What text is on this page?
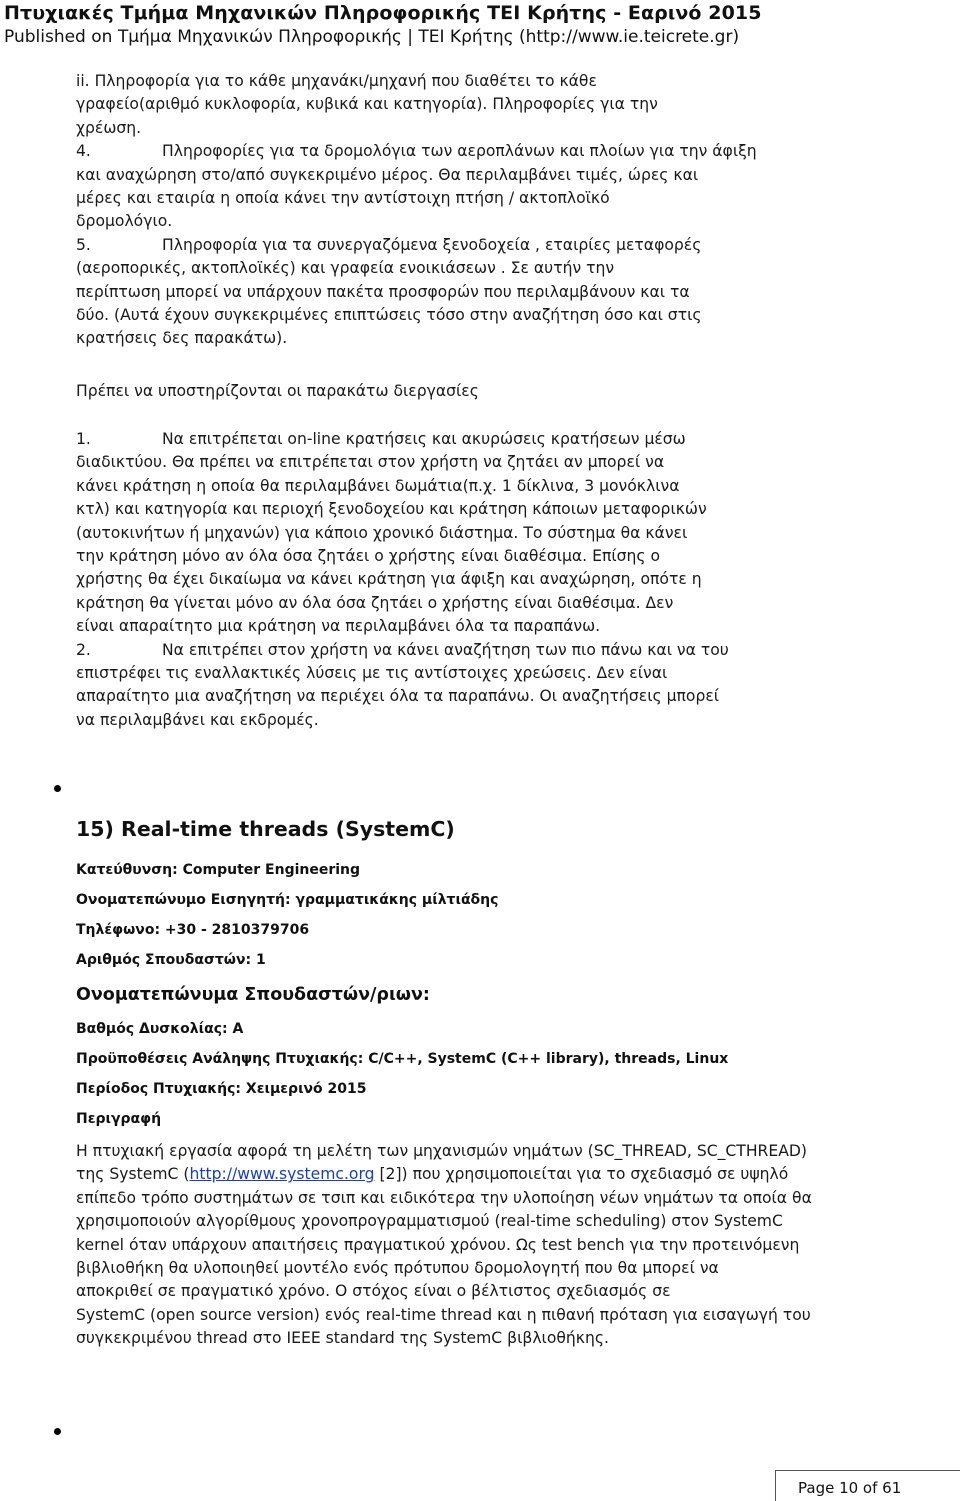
Πτυχιακές Τμήμα Μηχανικών Πληροφορικής ΤΕΙ Κρήτης - Εαρινό 2015
Published on Τμήμα Μηχανικών Πληροφορικής | ΤΕΙ Κρήτης (http://www.ie.teicrete.gr)

ii. Πληροφορία για το κάθε μηχανάκι/μηχανή που διαθέτει το κάθε
γραφείο(αριθμό κυκλοφορία, κυβικά και κατηγορία). Πληροφορίες για την
χρέωση.

4.	Πληροφορίες για τα δρομολόγια των αεροπλάνων και πλοίων για την άφιξη
και αναχώρηση στο/από συγκεκριμένο μέρος. Θα περιλαμβάνει τιμές, ώρες και
μέρες και εταιρία η οποία κάνει την αντίστοιχη πτήση / ακτοπλοϊκό
δρομολόγιο.

5.	Πληροφορία για τα συνεργαζόμενα ξενοδοχεία , εταιρίες μεταφορές
(αεροπορικές, ακτοπλοϊκές) και γραφεία ενοικιάσεων . Σε αυτήν την
περίπτωση μπορεί να υπάρχουν πακέτα προσφορών που περιλαμβάνουν και τα
δύο. (Αυτά έχουν συγκεκριμένες επιπτώσεις τόσο στην αναζήτηση όσο και στις
κρατήσεις δες παρακάτω).

Πρέπει να υποστηρίζονται οι παρακάτω διεργασίες

1.	Να επιτρέπεται on-line κρατήσεις και ακυρώσεις κρατήσεων μέσω
διαδικτύου. Θα πρέπει να επιτρέπεται στον χρήστη να ζητάει αν μπορεί να
κάνει κράτηση η οποία θα περιλαμβάνει δωμάτια(π.χ. 1 δίκλινα, 3 μονόκλινα
κτλ) και κατηγορία και περιοχή ξενοδοχείου και κράτηση κάποιων μεταφορικών
(αυτοκινήτων ή μηχανών) για κάποιο χρονικό διάστημα. Το σύστημα θα κάνει
την κράτηση μόνο αν όλα όσα ζητάει ο χρήστης είναι διαθέσιμα. Επίσης ο
χρήστης θα έχει δικαίωμα να κάνει κράτηση για άφιξη και αναχώρηση, οπότε η
κράτηση θα γίνεται μόνο αν όλα όσα ζητάει ο χρήστης είναι διαθέσιμα. Δεν
είναι απαραίτητο μια κράτηση να περιλαμβάνει όλα τα παραπάνω.

2.	Να επιτρέπει στον χρήστη να κάνει αναζήτηση των πιο πάνω και να του
επιστρέφει τις εναλλακτικές λύσεις με τις αντίστοιχες χρεώσεις. Δεν είναι
απαραίτητο μια αναζήτηση να περιέχει όλα τα παραπάνω. Οι αναζητήσεις μπορεί
να περιλαμβάνει και εκδρομές.

15) Real-time threads (SystemC)
Κατεύθυνση: Computer Engineering
Ονοματεπώνυμο Εισηγητή: γραμματικάκης μίλτιάδης
Τηλέφωνο: +30 - 2810379706
Αριθμός Σπουδαστών: 1
Ονοματεπώνυμα Σπουδαστών/ριων:
Βαθμός Δυσκολίας: Α
Προϋποθέσεις Ανάληψης Πτυχιακής: C/C++, SystemC (C++ library), threads, Linux
Περίοδος Πτυχιακής: Χειμερινό 2015
Περιγραφή
Η πτυχιακή εργασία αφορά τη μελέτη των μηχανισμών νημάτων (SC_THREAD, SC_CTHREAD)
της SystemC (http://www.systemc.org [2]) που χρησιμοποιείται για το σχεδιασμό σε υψηλό
επίπεδο τρόπο συστημάτων σε τσιπ και ειδικότερα την υλοποίηση νέων νημάτων τα οποία θα
χρησιμοποιούν αλγορίθμους χρονοπρογραμματισμού (real-time scheduling) στον SystemC
kernel όταν υπάρχουν απαιτήσεις πραγματικού χρόνου. Ως test bench για την προτεινόμενη
βιβλιοθήκη θα υλοποιηθεί μοντέλο ενός πρότυπου δρομολογητή που θα μπορεί να
αποκριθεί σε πραγματικό χρόνο. Ο στόχος είναι ο βέλτιστος σχεδιασμός σε
SystemC (open source version) ενός real-time thread και η πιθανή πρόταση για εισαγωγή του
συγκεκριμένου thread στο IEEE standard της SystemC βιβλιοθήκης.
Page 10 of 61
